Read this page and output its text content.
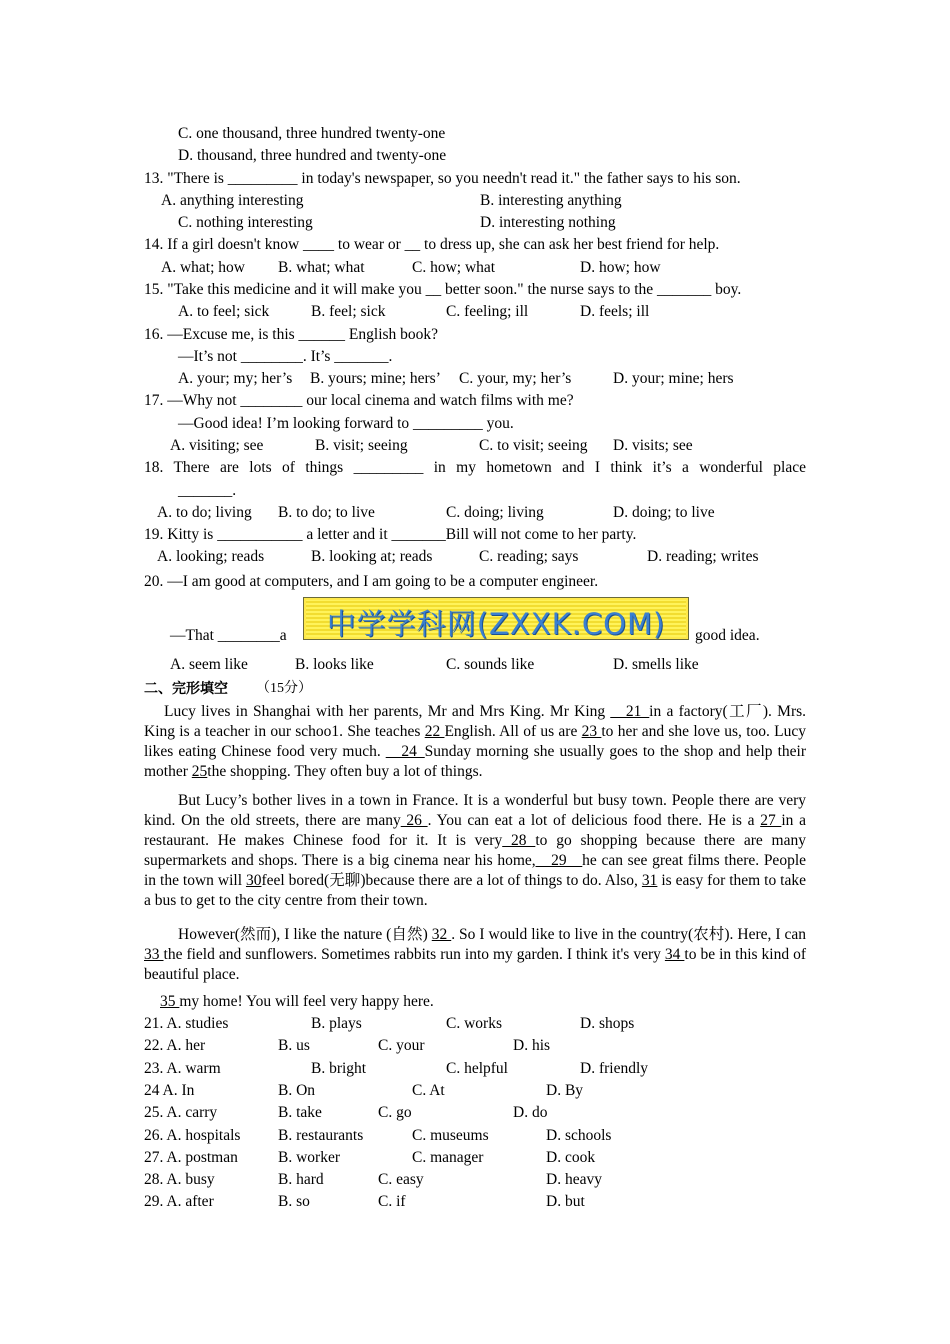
C. one thousand, three hundred twenty-one
D. thousand, three hundred and twenty-one
13. "There is _________ in today's newspaper, so you needn't read it." the father says to his son.
A. anything interesting	B. interesting anything
C. nothing interesting	D. interesting nothing
14. If a girl doesn't know ____ to wear or __ to dress up, she can ask her best friend for help.
A. what; how B. what; what	C. how; what	D. how; how
15. "Take this medicine and it will make you __ better soon." the nurse says to the _______ boy.
A. to feel; sick	B. feel; sick	C. feeling; ill	D. feels; ill
16. —Excuse me, is this ______ English book?
—It’s not ________. It’s _______.
A. your; my; her’s B. yours; mine; hers’ C. your, my; her’s	D. your; mine; hers
17. —Why not ________ our local cinema and watch films with me?
—Good idea! I’m looking forward to _________ you.
A. visiting; see	B. visit; seeing	C. to visit; seeing D. visits; see
18. There are lots of things _________ in my hometown and I think it’s a wonderful place
_______.
A. to do; living B. to do; to live	C. doing; living	D. doing; to live
19. Kitty is ___________ a letter and it _______Bill will not come to her party.
A. looking; reads	B. looking at; reads	C. reading; says	D. reading; writes
20. —I am good at computers, and I am going to be a computer engineer.
—That ________a	good idea.
中学学科网(ZXXK.COM)
A. seem like	B. looks like	C. sounds like	D. smells like
二、完形填空 （15分）
Lucy lives in Shanghai with her parents, Mr and Mrs King. Mr King __21_in a factory(工厂). Mrs. King is a teacher in our schoo1. She teaches 22 English. All of us are 23 to her and she love us, too. Lucy likes eating Chinese food very much. __24_Sunday morning she usually goes to the shop and help their mother 25the shopping. They often buy a lot of things.
But Lucy’s bother lives in a town in France. It is a wonderful but busy town. People there are very kind. On the old streets, there are many 26 . You can eat a lot of delicious food there. He is a 27 in a restaurant. He makes Chinese food for it. It is very 28 to go shopping because there are many supermarkets and shops. There is a big cinema near his home,__29__he can see great films there. People in the town will 30feel bored(无聊)because there are a lot of things to do. Also, 31 is easy for them to take a bus to get to the city centre from their town.
However(然而), I like the nature (自然) 32 . So I would like to live in the country(农村). Here, I can 33 the field and sunflowers. Sometimes rabbits run into my garden. I think it's very 34 to be in this kind of beautiful place.
35 my home! You will feel very happy here.
21. A. studies	B. plays	C. works	D. shops
22. A. her	B. us	C. your	D. his
23. A. warm	B. bright	C. helpful	D. friendly
24 A. In	B. On	C. At	D. By
25. A. carry	B. take	C. go	D. do
26. A. hospitals B. restaurants	C. museums	D. schools
27. A. postman	B. worker	C. manager	D. cook
28. A. busy	B. hard	C. easy	D. heavy
29. A. after	B. so	C. if	D. but
